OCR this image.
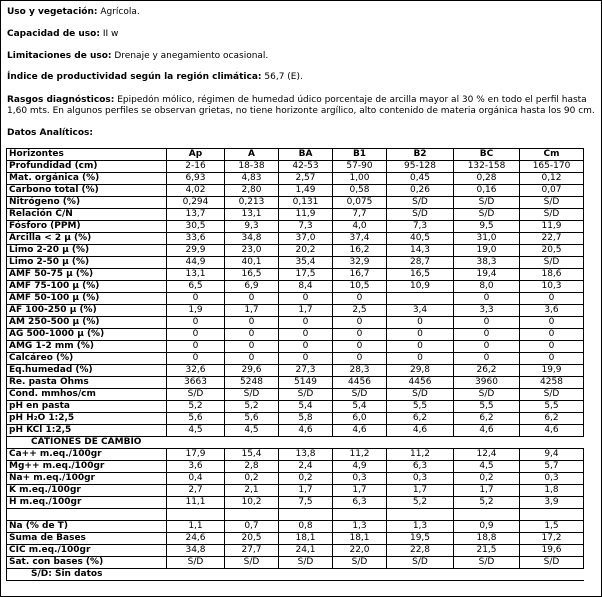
Uso y vegetación: Agrícola.
Capacidad de uso: II w
Limitaciones de uso: Drenaje y anegamiento ocasional.
Índice de productividad según la región climática: 56,7 (E).
Rasgos diagnósticos: Epipedón mólico, régimen de humedad údico porcentaje de arcilla mayor al 30 % en todo el perfil hasta 1,60 mts. En algunos perfiles se observan grietas, no tiene horizonte argílico, alto contenido de materia orgánica hasta los 90 cm.
Datos Analíticos:
Horizontes	Ap	A	BA	B1	B2	BC	Cm
Profundidad (cm)	2-16	18-38	42-53	57-90	95-128	132-158	165-170
Mat. orgánica (%)	6,93	4,83	2,57	1,00	0,45	0,28	0,12
Carbono total (%)	4,02	2,80	1,49	0,58	0,26	0,16	0,07
Nitrógeno (%)	0,294	0,213	0,131	0,075	S/D	S/D	S/D
Relación C/N	13,7	13,1	11,9	7,7	S/D	S/D	S/D
Fósforo (PPM)	30,5	9,3	7,3	4,0	7,3	9,5	11,9
Arcilla < 2 µ (%)	33,6	34,8	37,0	37,4	40,5	31,0	22,7
Limo 2-20 µ (%)	29,9	23,0	20,2	16,2	14,3	19,0	20,5
Limo 2-50 µ (%)	44,9	40,1	35,4	32,9	28,7	38,3	S/D
AMF 50-75 µ (%)	13,1	16,5	17,5	16,7	16,5	19,4	18,6
AMF 75-100 µ (%)	6,5	6,9	8,4	10,5	10,9	8,0	10,3
AMF 50-100 µ (%)	0	0	0	0		0	0
AF 100-250 µ (%)	1,9	1,7	1,7	2,5	3,4	3,3	3,6
AM 250-500 µ (%)	0	0	0	0	0	0	0
AG 500-1000 µ (%)	0	0	0	0	0	0	0
AMG 1-2 mm (%)	0	0	0	0	0	0	0
Calcáreo (%)	0	0	0	0	0	0	0
Eq.humedad (%)	32,6	29,6	27,3	28,3	29,8	26,2	19,9
Re. pasta Ohms	3663	5248	5149	4456	4456	3960	4258
Cond. mmhos/cm	S/D	S/D	S/D	S/D	S/D	S/D	S/D
pH en pasta	5,2	5,2	5,4	5,4	5,5	5,5	5,5
pH H₂O 1:2,5	5,6	5,6	5,8	6,0	6,2	6,2	6,2
pH KCl 1:2,5	4,5	4,5	4,6	4,6	4,6	4,6	4,6
CATIONES DE CAMBIO							
Ca++ m.eq./100gr	17,9	15,4	13,8	11,2	11,2	12,4	9,4
Mg++ m.eq./100gr	3,6	2,8	2,4	4,9	6,3	4,5	5,7
Na+ m.eq./100gr	0,4	0,2	0,2	0,3	0,3	0,2	0,3
K m.eq./100gr	2,7	2,1	1,7	1,7	1,7	1,7	1,8
H m.eq./100gr	11,1	10,2	7,5	6,3	5,2	5,2	3,9

Na (% de T)	1,1	0,7	0,8	1,3	1,3	0,9	1,5
Suma de Bases	24,6	20,5	18,1	18,1	19,5	18,8	17,2
CIC m.eq./100gr	34,8	27,7	24,1	22,0	22,8	21,5	19,6
Sat. con bases (%)	S/D	S/D	S/D	S/D	S/D	S/D	S/D
S/D: Sin datos							
